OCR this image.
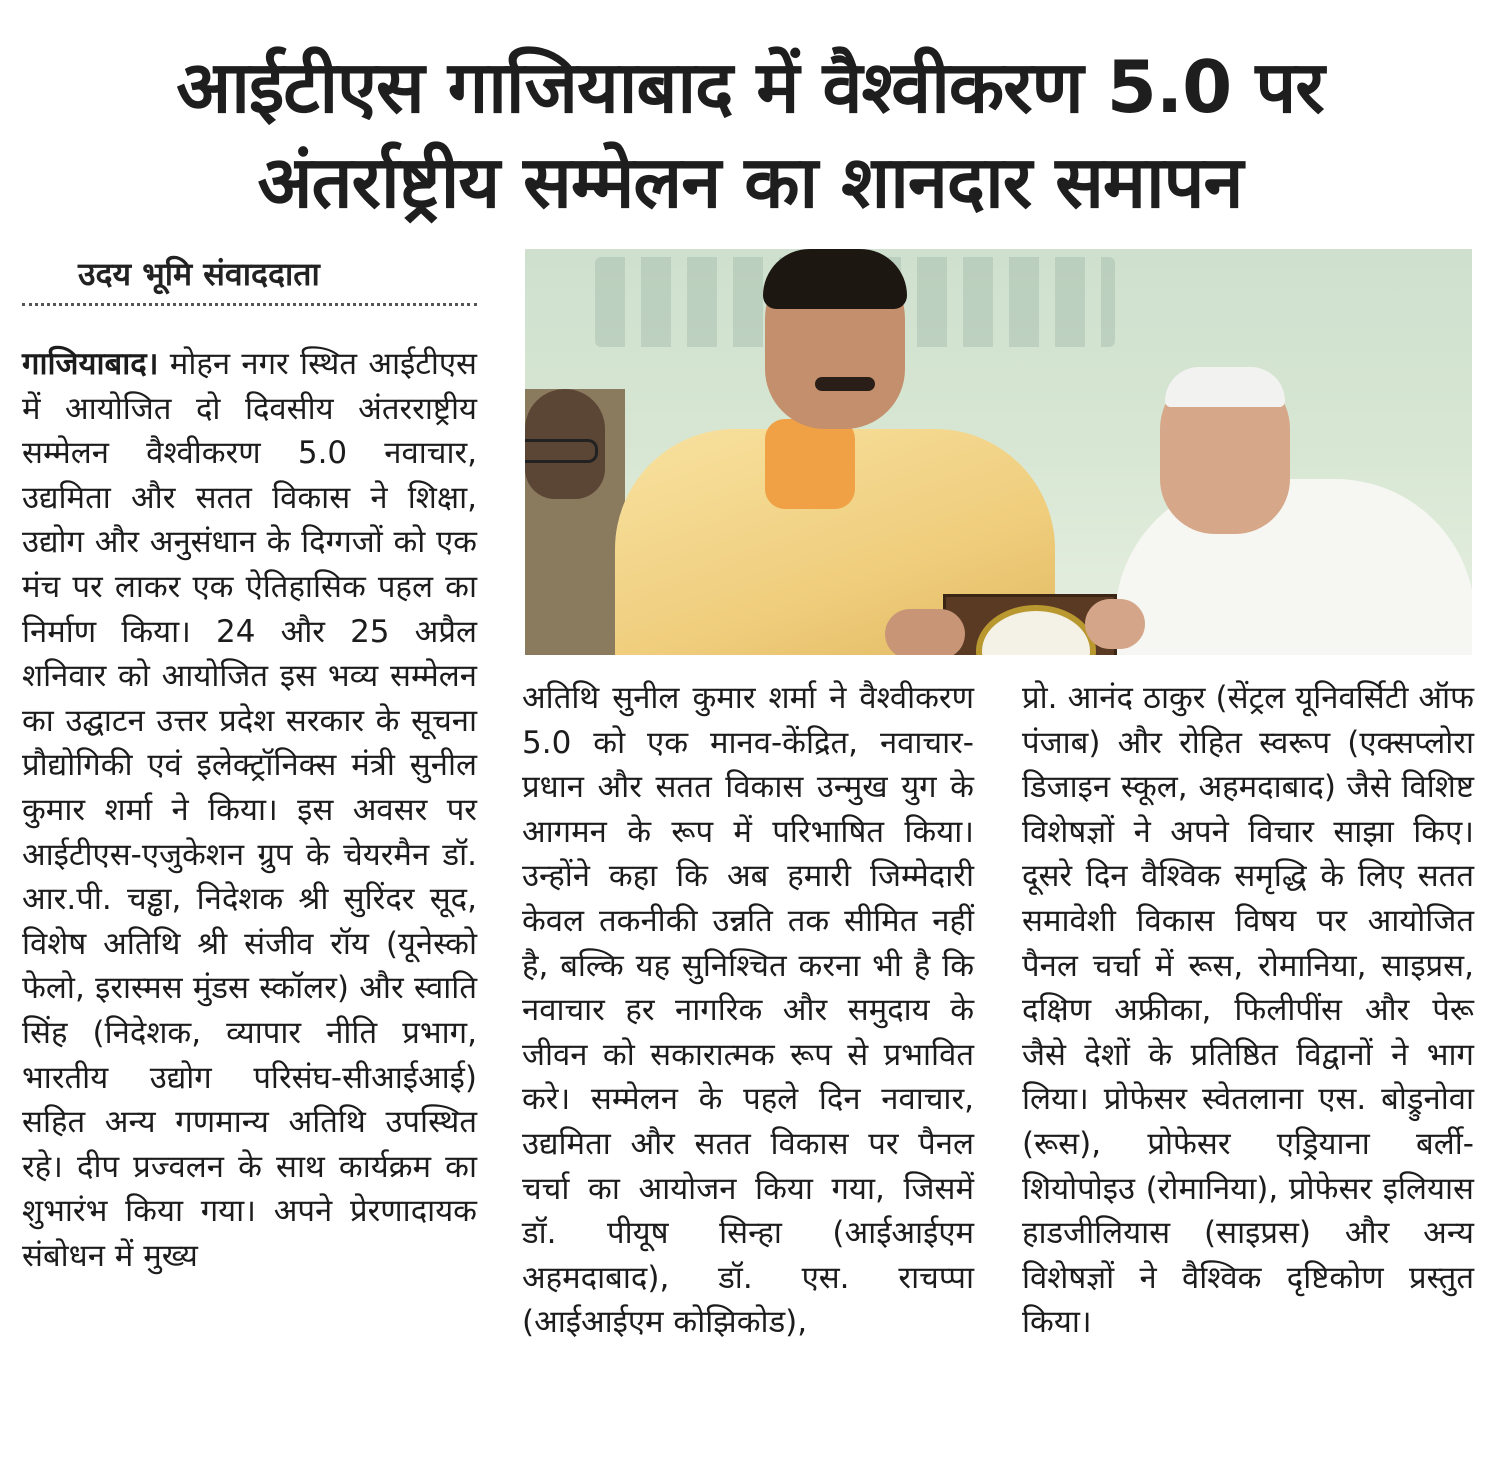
आईटीएस गाजियाबाद में वैश्वीकरण 5.0 पर
अंतर्राष्ट्रीय सम्मेलन का शानदार समापन
उदय भूमि संवाददाता
गाजियाबाद। मोहन नगर स्थित आईटीएस में आयोजित दो दिवसीय अंतरराष्ट्रीय सम्मेलन वैश्वीकरण 5.0 नवाचार, उद्यमिता और सतत विकास ने शिक्षा, उद्योग और अनुसंधान के दिग्गजों को एक मंच पर लाकर एक ऐतिहासिक पहल का निर्माण किया। 24 और 25 अप्रैल शनिवार को आयोजित इस भव्य सम्मेलन का उद्घाटन उत्तर प्रदेश सरकार के सूचना प्रौद्योगिकी एवं इलेक्ट्रॉनिक्स मंत्री सुनील कुमार शर्मा ने किया। इस अवसर पर आईटीएस-एजुकेशन ग्रुप के चेयरमैन डॉ. आर.पी. चड्ढा, निदेशक श्री सुरिंदर सूद, विशेष अतिथि श्री संजीव रॉय (यूनेस्को फेलो, इरास्मस मुंडस स्कॉलर) और स्वाति सिंह (निदेशक, व्यापार नीति प्रभाग, भारतीय उद्योग परिसंघ-सीआईआई) सहित अन्य गणमान्य अतिथि उपस्थित रहे। दीप प्रज्वलन के साथ कार्यक्रम का शुभारंभ किया गया। अपने प्रेरणादायक संबोधन में मुख्य
अतिथि सुनील कुमार शर्मा ने वैश्वीकरण 5.0 को एक मानव-केंद्रित, नवाचार-प्रधान और सतत विकास उन्मुख युग के आगमन के रूप में परिभाषित किया। उन्होंने कहा कि अब हमारी जिम्मेदारी केवल तकनीकी उन्नति तक सीमित नहीं है, बल्कि यह सुनिश्चित करना भी है कि नवाचार हर नागरिक और समुदाय के जीवन को सकारात्मक रूप से प्रभावित करे। सम्मेलन के पहले दिन नवाचार, उद्यमिता और सतत विकास पर पैनल चर्चा का आयोजन किया गया, जिसमें डॉ. पीयूष सिन्हा (आईआईएम अहमदाबाद), डॉ. एस. राचप्पा (आईआईएम कोझिकोड),
प्रो. आनंद ठाकुर (सेंट्रल यूनिवर्सिटी ऑफ पंजाब) और रोहित स्वरूप (एक्सप्लोरा डिजाइन स्कूल, अहमदाबाद) जैसे विशिष्ट विशेषज्ञों ने अपने विचार साझा किए। दूसरे दिन वैश्विक समृद्धि के लिए सतत समावेशी विकास विषय पर आयोजित पैनल चर्चा में रूस, रोमानिया, साइप्रस, दक्षिण अफ्रीका, फिलीपींस और पेरू जैसे देशों के प्रतिष्ठित विद्वानों ने भाग लिया। प्रोफेसर स्वेतलाना एस. बोड्रुनोवा (रूस), प्रोफेसर एड्रियाना बर्ली-शियोपोइउ (रोमानिया), प्रोफेसर इलियास हाडजीलियास (साइप्रस) और अन्य विशेषज्ञों ने वैश्विक दृष्टिकोण प्रस्तुत किया।
